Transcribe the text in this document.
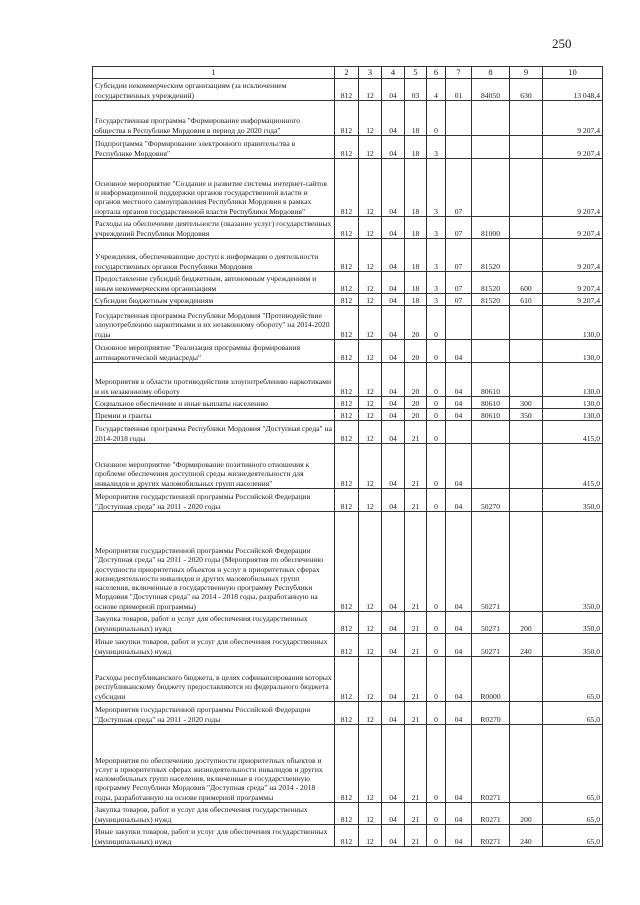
250
1	2	3	4	5	6	7	8	9	10
Субсидии некоммерческим организациям (за исключением государственных учреждений)	812	12	04	03	4	01	84050	630	13 048,4
Государственная программа "Формирование информационного общества в Республике Мордовия в период до 2020 года"	812	12	04	18	0				9 207,4
Подпрограмма "Формирование электронного правительства в Республике Мордовия"	812	12	04	18	3				9 207,4
Основное мероприятие "Создание и развитие системы интернет-сайтов и информационной поддержки органов государственной власти и органов местного самоуправления Республики Мордовия в рамках портала органов государственной власти Республики Мордовия"	812	12	04	18	3	07			9 207,4
Расходы на обеспечение деятельности (оказание услуг) государственных учреждений Республики Мордовия	812	12	04	18	3	07	81000		9 207,4
Учреждения, обеспечивающие доступ к информации о деятельности государственных органов Республики Мордовия	812	12	04	18	3	07	81520		9 207,4
Предоставление субсидий бюджетным, автономным учреждениям и иным некоммерческим организациям	812	12	04	18	3	07	81520	600	9 207,4
Субсидии бюджетным учреждениям	812	12	04	18	3	07	81520	610	9 207,4
Государственная программа Республики Мордовия "Противодействие злоупотреблению наркотиками и их незаконному обороту" на 2014-2020 годы	812	12	04	20	0				130,0
Основное мероприятие "Реализация программы формирования антинаркотической медиасреды"	812	12	04	20	0	04			130,0
Мероприятия в области противодействия злоупотреблению наркотиками и их незаконному обороту	812	12	04	20	0	04	80610		130,0
Социальное обеспечение и иные выплаты населению	812	12	04	20	0	04	80610	300	130,0
Премии и гранты	812	12	04	20	0	04	80610	350	130,0
Государственная программа Республики Мордовия "Доступная среда" на 2014-2018 годы	812	12	04	21	0				415,0
Основное мероприятие "Формирование позитивного отношения к проблеме обеспечения доступной среды жизнедеятельности для инвалидов и других маломобильных групп населения"	812	12	04	21	0	04			415,0
Мероприятия государственной программы Российской Федерации "Доступная среда" на 2011 - 2020 годы	812	12	04	21	0	04	50270		350,0
Мероприятия государственной программы Российской Федерации "Доступная среда" на 2011 - 2020 годы (Мероприятия по обеспечению доступности приоритетных объектов и услуг в приоритетных сферах жизнедеятельности инвалидов и других маломобильных групп населения, включенные в государственную программу Республики Мордовия "Доступная среда" на 2014 - 2018 годы, разработанную на основе примерной программы)	812	12	04	21	0	04	50271		350,0
Закупка товаров, работ и услуг для обеспечения государственных (муниципальных) нужд	812	12	04	21	0	04	50271	200	350,0
Иные закупки товаров, работ и услуг для обеспечения государственных (муниципальных) нужд	812	12	04	21	0	04	50271	240	350,0
Расходы республиканского бюджета, в целях софинансирования которых республиканскому бюджету предоставляются из федерального бюджета субсидии	812	12	04	21	0	04	R0000		65,0
Мероприятия государственной программы Российской Федерации "Доступная среда" на 2011 - 2020 годы	812	12	04	21	0	04	R0270		65,0
Мероприятия по обеспечению доступности приоритетных объектов и услуг в приоритетных сферах жизнедеятельности инвалидов и других маломобильных групп населения, включенные в государственную программу Республики Мордовия "Доступная среда" на 2014 - 2018 годы, разработанную на основе примерной программы	812	12	04	21	0	04	R0271		65,0
Закупка товаров, работ и услуг для обеспечения государственных (муниципальных) нужд	812	12	04	21	0	04	R0271	200	65,0
Иные закупки товаров, работ и услуг для обеспечения государственных (муниципальных) нужд	812	12	04	21	0	04	R0271	240	65,0
